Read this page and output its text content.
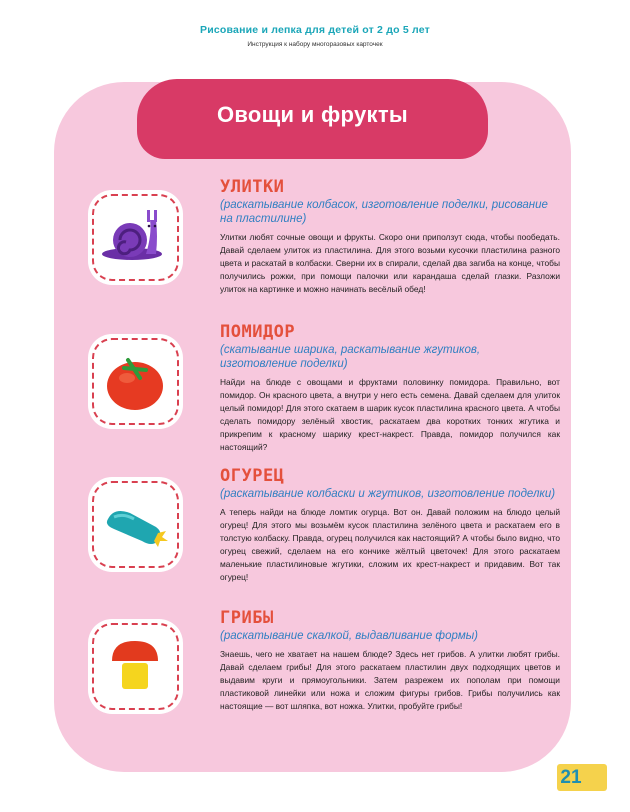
Рисование и лепка для детей от 2 до 5 лет
Инструкция к набору многоразовых карточек
Овощи и фрукты
УЛИТКИ
(раскатывание колбасок, изготовление поделки, рисование на пластилине)
Улитки любят сочные овощи и фрукты. Скоро они приползут сюда, чтобы пообедать. Давай сделаем улиток из пластилина. Для этого возьми кусочки пластилина разного цвета и раскатай в колбаски. Сверни их в спирали, сделай два загиба на конце, чтобы получились рожки, при помощи палочки или карандаша сделай глазки. Разложи улиток на картинке и можно начинать весёлый обед!
ПОМИДОР
(скатывание шарика, раскатывание жгутиков, изготовление поделки)
Найди на блюде с овощами и фруктами половинку помидора. Правильно, вот помидор. Он красного цвета, а внутри у него есть семена. Давай сделаем для улиток целый помидор! Для этого скатаем в шарик кусок пластилина красного цвета. А чтобы сделать помидору зелёный хвостик, раскатаем два коротких тонких жгутика и прикрепим к красному шарику крест-накрест. Правда, помидор получился как настоящий?
ОГУРЕЦ
(раскатывание колбаски и жгутиков, изготовление поделки)
А теперь найди на блюде ломтик огурца. Вот он. Давай положим на блюдо целый огурец! Для этого мы возьмём кусок пластилина зелёного цвета и раскатаем его в толстую колбаску. Правда, огурец получился как настоящий? А чтобы было видно, что огурец свежий, сделаем на его кончике жёлтый цветочек! Для этого раскатаем маленькие пластилиновые жгутики, сложим их крест-накрест и придавим. Вот так огурец!
ГРИБЫ
(раскатывание скалкой, выдавливание формы)
Знаешь, чего не хватает на нашем блюде? Здесь нет грибов. А улитки любят грибы. Давай сделаем грибы! Для этого раскатаем пластилин двух подходящих цветов и выдавим круги и прямоугольники. Затем разрежем их пополам при помощи пластиковой линейки или ножа и сложим фигуры грибов. Грибы получились как настоящие — вот шляпка, вот ножка. Улитки, пробуйте грибы!
21
